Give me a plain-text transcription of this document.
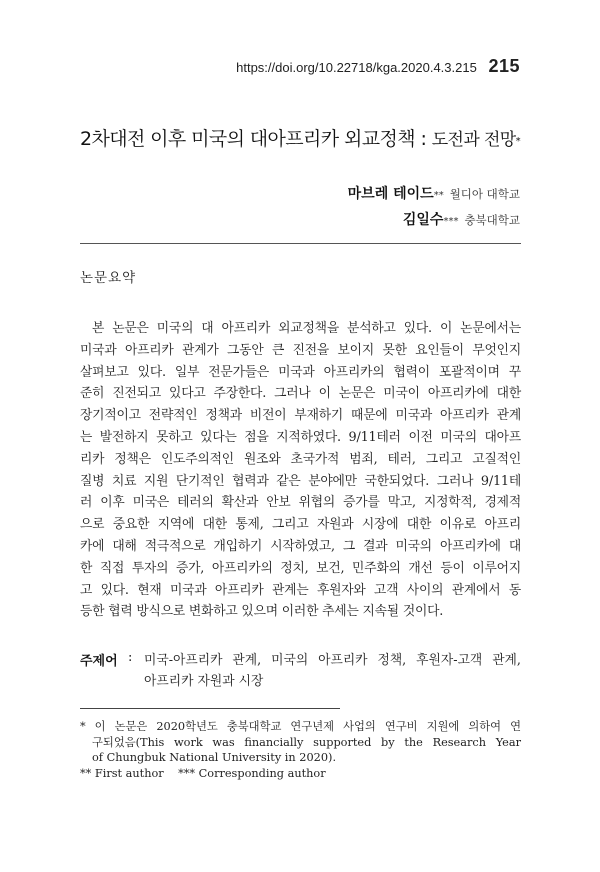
https://doi.org/10.22718/kga.2020.4.3.215 215
2차대전 이후 미국의 대아프리카 외교정책 : 도전과 전망*
마브레 테이드** 월디아 대학교
김일수*** 충북대학교
논문요약

본 논문은 미국의 대 아프리카 외교정책을 분석하고 있다. 이 논문에서는
미국과 아프리카 관계가 그동안 큰 진전을 보이지 못한 요인들이 무엇인지
살펴보고 있다. 일부 전문가들은 미국과 아프리카의 협력이 포괄적이며 꾸
준히 진전되고 있다고 주장한다. 그러나 이 논문은 미국이 아프리카에 대한
장기적이고 전략적인 정책과 비전이 부재하기 때문에 미국과 아프리카 관계
는 발전하지 못하고 있다는 점을 지적하였다. 9/11테러 이전 미국의 대아프
리카 정책은 인도주의적인 원조와 초국가적 범죄, 테러, 그리고 고질적인
질병 치료 지원 단기적인 협력과 같은 분야에만 국한되었다. 그러나 9/11테
러 이후 미국은 테러의 확산과 안보 위협의 증가를 막고, 지정학적, 경제적
으로 중요한 지역에 대한 통제, 그리고 자원과 시장에 대한 이유로 아프리
카에 대해 적극적으로 개입하기 시작하였고, 그 결과 미국의 아프리카에 대
한 직접 투자의 증가, 아프리카의 정치, 보건, 민주화의 개선 등이 이루어지
고 있다. 현재 미국과 아프리카 관계는 후원자와 고객 사이의 관계에서 동
등한 협력 방식으로 변화하고 있으며 이러한 추세는 지속될 것이다.

주제어 : 미국-아프리카 관계, 미국의 아프리카 정책, 후원자-고객 관계,
아프리카 자원과 시장
* 이 논문은 2020학년도 충북대학교 연구년제 사업의 연구비 지원에 의하여 연
구되었음(This work was financially supported by the Research Year
of Chungbuk National University in 2020).
** First author *** Corresponding author
